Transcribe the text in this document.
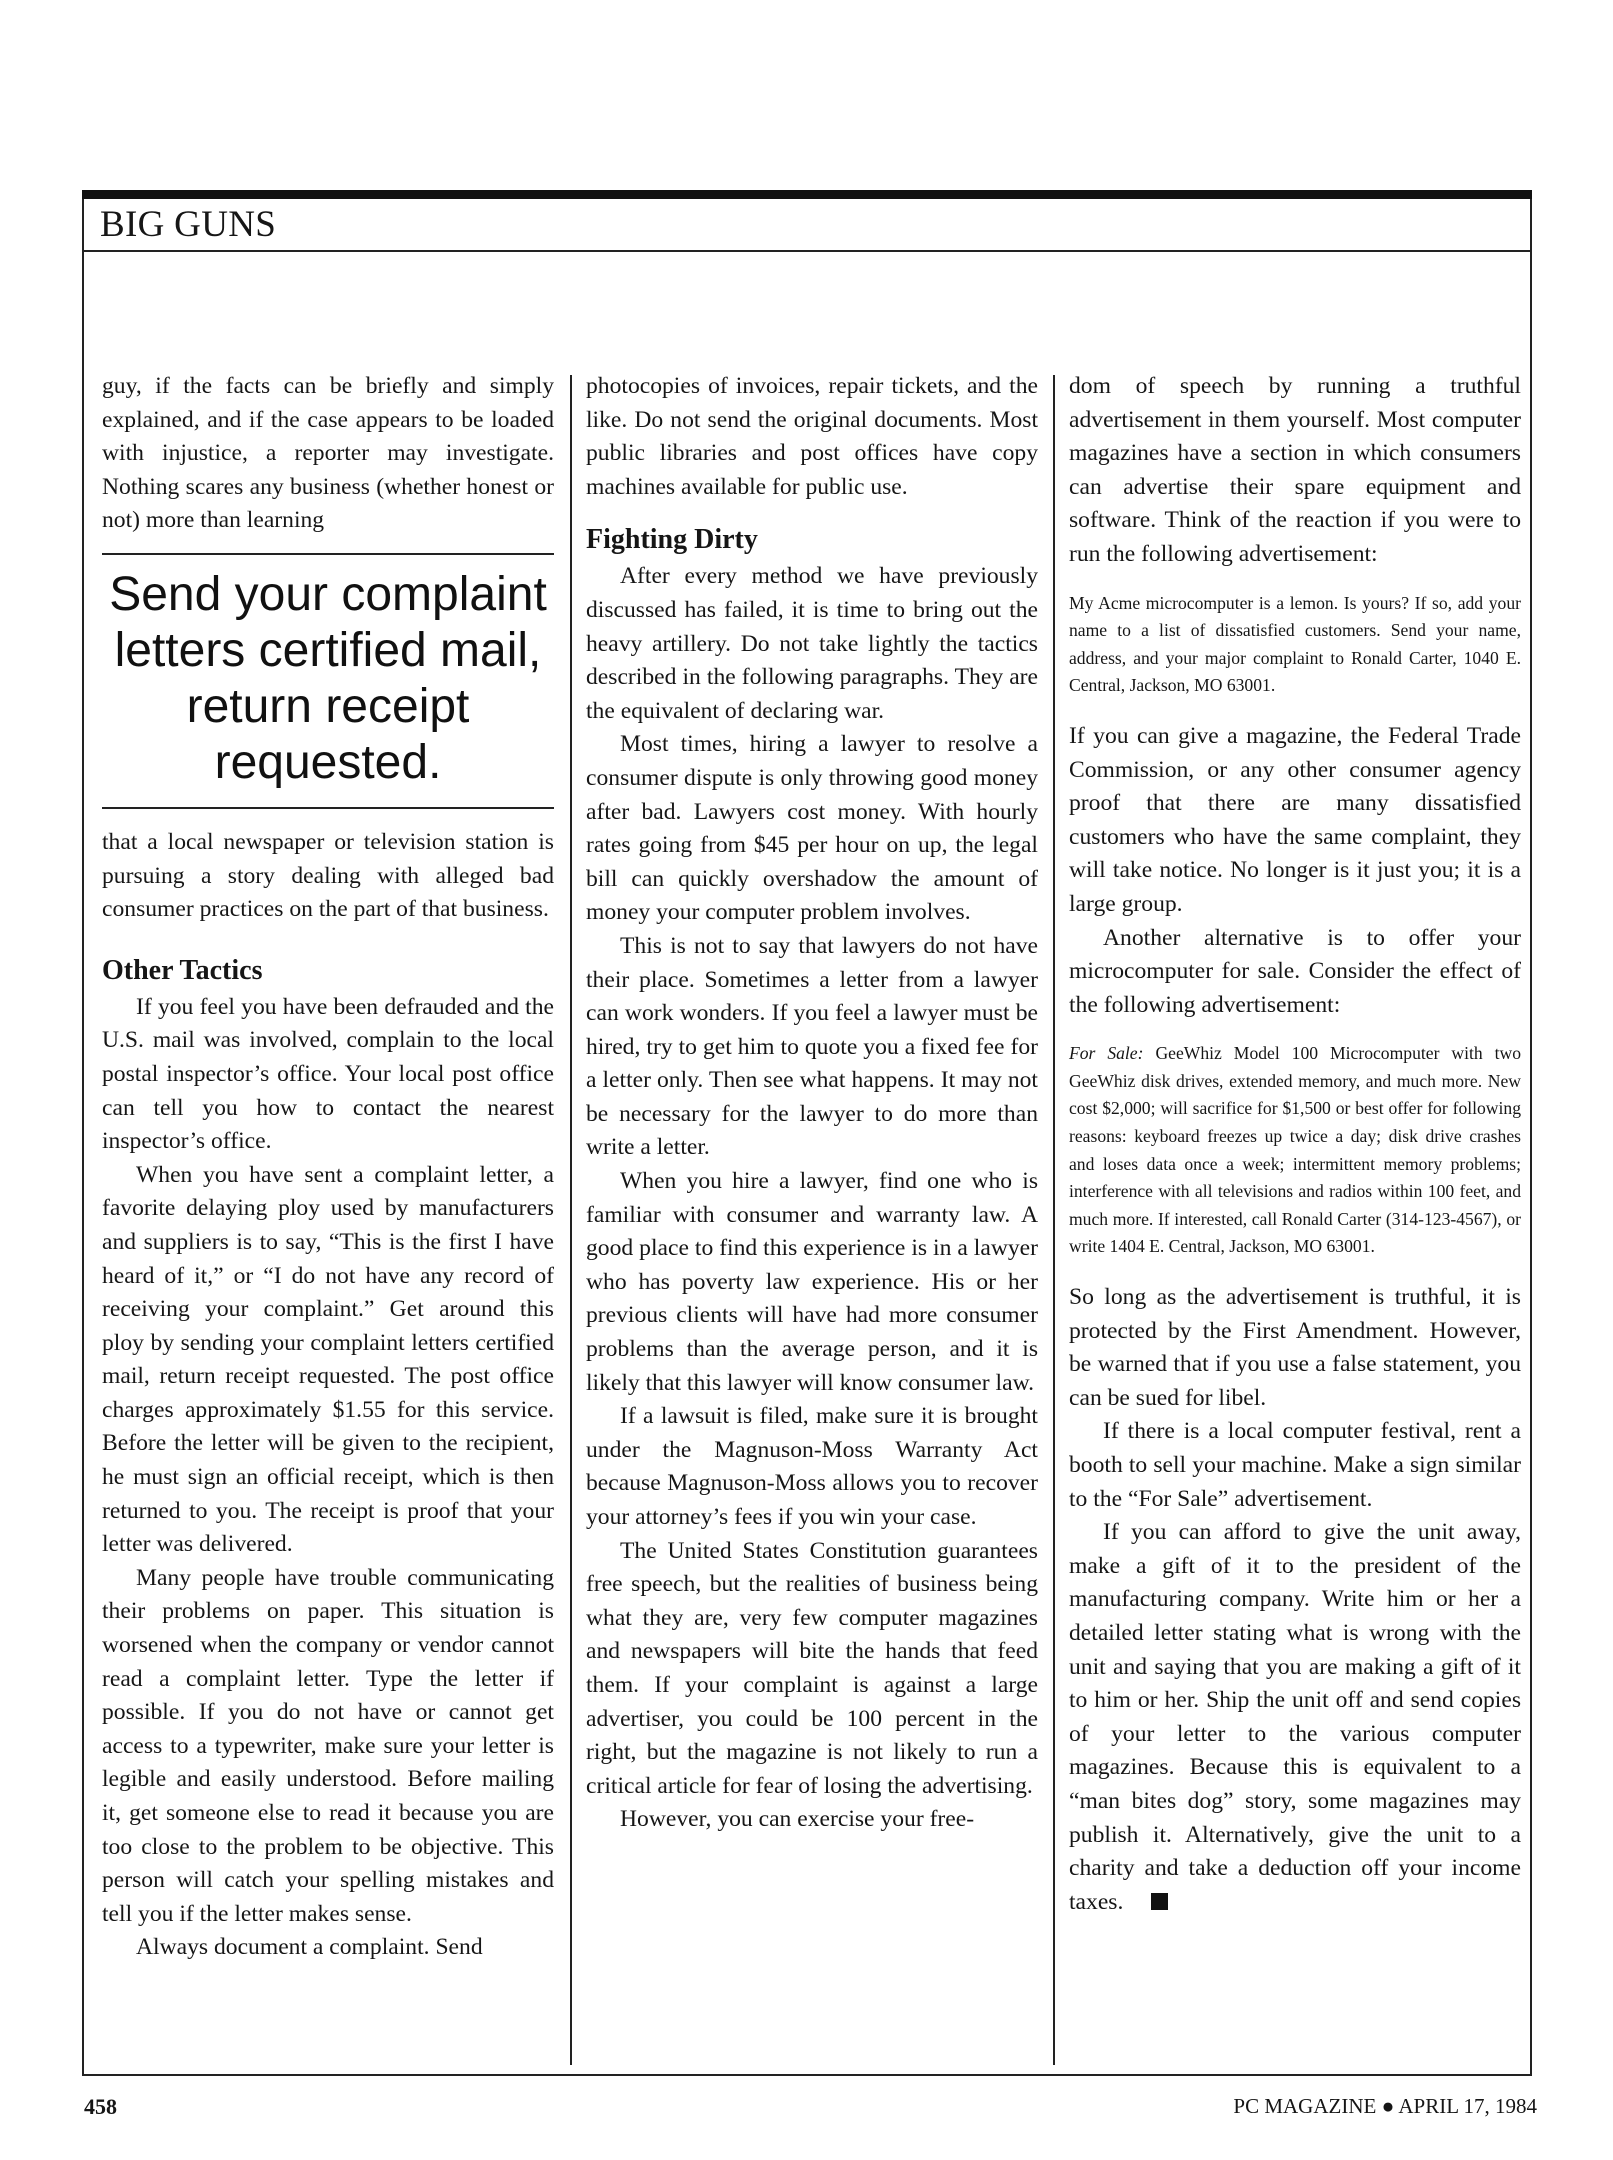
BIG GUNS

guy, if the facts can be briefly and simply explained, and if the case appears to be loaded with injustice, a reporter may investigate. Nothing scares any business (whether honest or not) more than learning

Send your complaint letters certified mail, return receipt requested.

that a local newspaper or television station is pursuing a story dealing with alleged bad consumer practices on the part of that business.

Other Tactics

If you feel you have been defrauded and the U.S. mail was involved, complain to the local postal inspector’s office. Your local post office can tell you how to contact the nearest inspector’s office.

When you have sent a complaint letter, a favorite delaying ploy used by manufacturers and suppliers is to say, “This is the first I have heard of it,” or “I do not have any record of receiving your complaint.” Get around this ploy by sending your complaint letters certified mail, return receipt requested. The post office charges approximately $1.55 for this service. Before the letter will be given to the recipient, he must sign an official receipt, which is then returned to you. The receipt is proof that your letter was delivered.

Many people have trouble communicating their problems on paper. This situation is worsened when the company or vendor cannot read a complaint letter. Type the letter if possible. If you do not have or cannot get access to a typewriter, make sure your letter is legible and easily understood. Before mailing it, get someone else to read it because you are too close to the problem to be objective. This person will catch your spelling mistakes and tell you if the letter makes sense.

Always document a complaint. Send

photocopies of invoices, repair tickets, and the like. Do not send the original documents. Most public libraries and post offices have copy machines available for public use.

Fighting Dirty

After every method we have previously discussed has failed, it is time to bring out the heavy artillery. Do not take lightly the tactics described in the following paragraphs. They are the equivalent of declaring war.

Most times, hiring a lawyer to resolve a consumer dispute is only throwing good money after bad. Lawyers cost money. With hourly rates going from $45 per hour on up, the legal bill can quickly overshadow the amount of money your computer problem involves.

This is not to say that lawyers do not have their place. Sometimes a letter from a lawyer can work wonders. If you feel a lawyer must be hired, try to get him to quote you a fixed fee for a letter only. Then see what happens. It may not be necessary for the lawyer to do more than write a letter.

When you hire a lawyer, find one who is familiar with consumer and warranty law. A good place to find this experience is in a lawyer who has poverty law experience. His or her previous clients will have had more consumer problems than the average person, and it is likely that this lawyer will know consumer law.

If a lawsuit is filed, make sure it is brought under the Magnuson-Moss Warranty Act because Magnuson-Moss allows you to recover your attorney’s fees if you win your case.

The United States Constitution guarantees free speech, but the realities of business being what they are, very few computer magazines and newspapers will bite the hands that feed them. If your complaint is against a large advertiser, you could be 100 percent in the right, but the magazine is not likely to run a critical article for fear of losing the advertising.

However, you can exercise your free-

dom of speech by running a truthful advertisement in them yourself. Most computer magazines have a section in which consumers can advertise their spare equipment and software. Think of the reaction if you were to run the following advertisement:

My Acme microcomputer is a lemon. Is yours? If so, add your name to a list of dissatisfied customers. Send your name, address, and your major complaint to Ronald Carter, 1040 E. Central, Jackson, MO 63001.

If you can give a magazine, the Federal Trade Commission, or any other consumer agency proof that there are many dissatisfied customers who have the same complaint, they will take notice. No longer is it just you; it is a large group.

Another alternative is to offer your microcomputer for sale. Consider the effect of the following advertisement:

For Sale: GeeWhiz Model 100 Microcomputer with two GeeWhiz disk drives, extended memory, and much more. New cost $2,000; will sacrifice for $1,500 or best offer for following reasons: keyboard freezes up twice a day; disk drive crashes and loses data once a week; intermittent memory problems; interference with all televisions and radios within 100 feet, and much more. If interested, call Ronald Carter (314-123-4567), or write 1404 E. Central, Jackson, MO 63001.

So long as the advertisement is truthful, it is protected by the First Amendment. However, be warned that if you use a false statement, you can be sued for libel.

If there is a local computer festival, rent a booth to sell your machine. Make a sign similar to the “For Sale” advertisement.

If you can afford to give the unit away, make a gift of it to the president of the manufacturing company. Write him or her a detailed letter stating what is wrong with the unit and saying that you are making a gift of it to him or her. Ship the unit off and send copies of your letter to the various computer magazines. Because this is equivalent to a “man bites dog” story, some magazines may publish it. Alternatively, give the unit to a charity and take a deduction off your income taxes.

458	PC MAGAZINE ● APRIL 17, 1984
